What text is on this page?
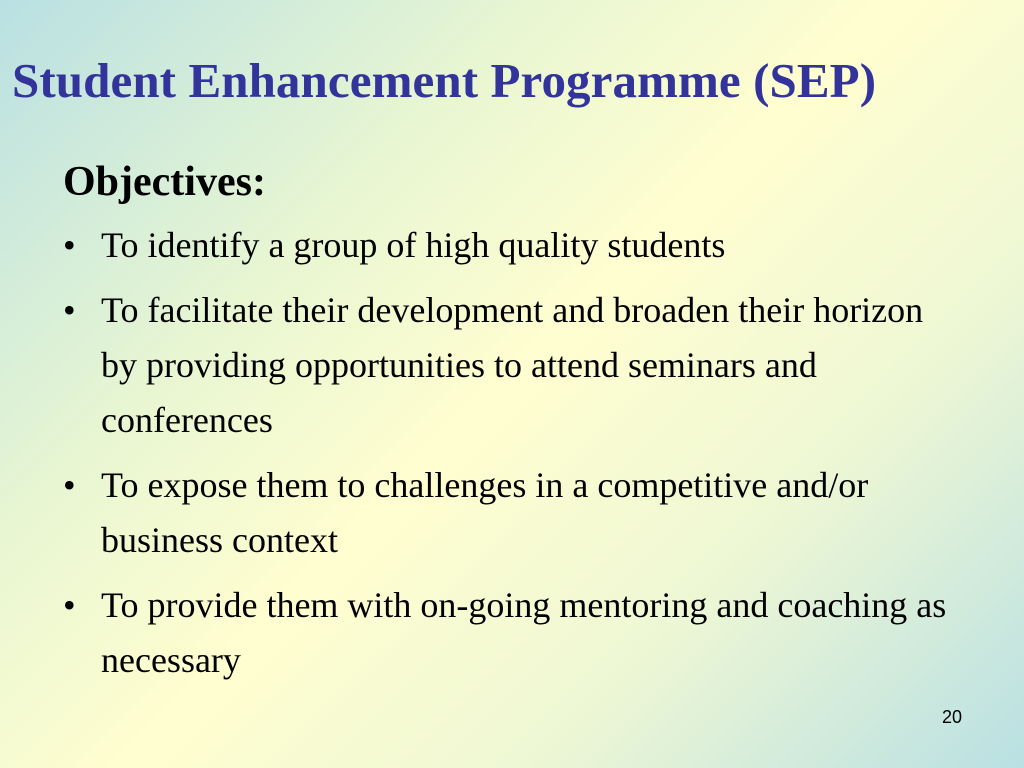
Student Enhancement Programme (SEP)
Objectives:
• To identify a group of high quality students
• To facilitate their development and broaden their horizon by providing opportunities to attend seminars and conferences
• To expose them to challenges in a competitive and/or business context
• To provide them with on-going mentoring and coaching as necessary
20
